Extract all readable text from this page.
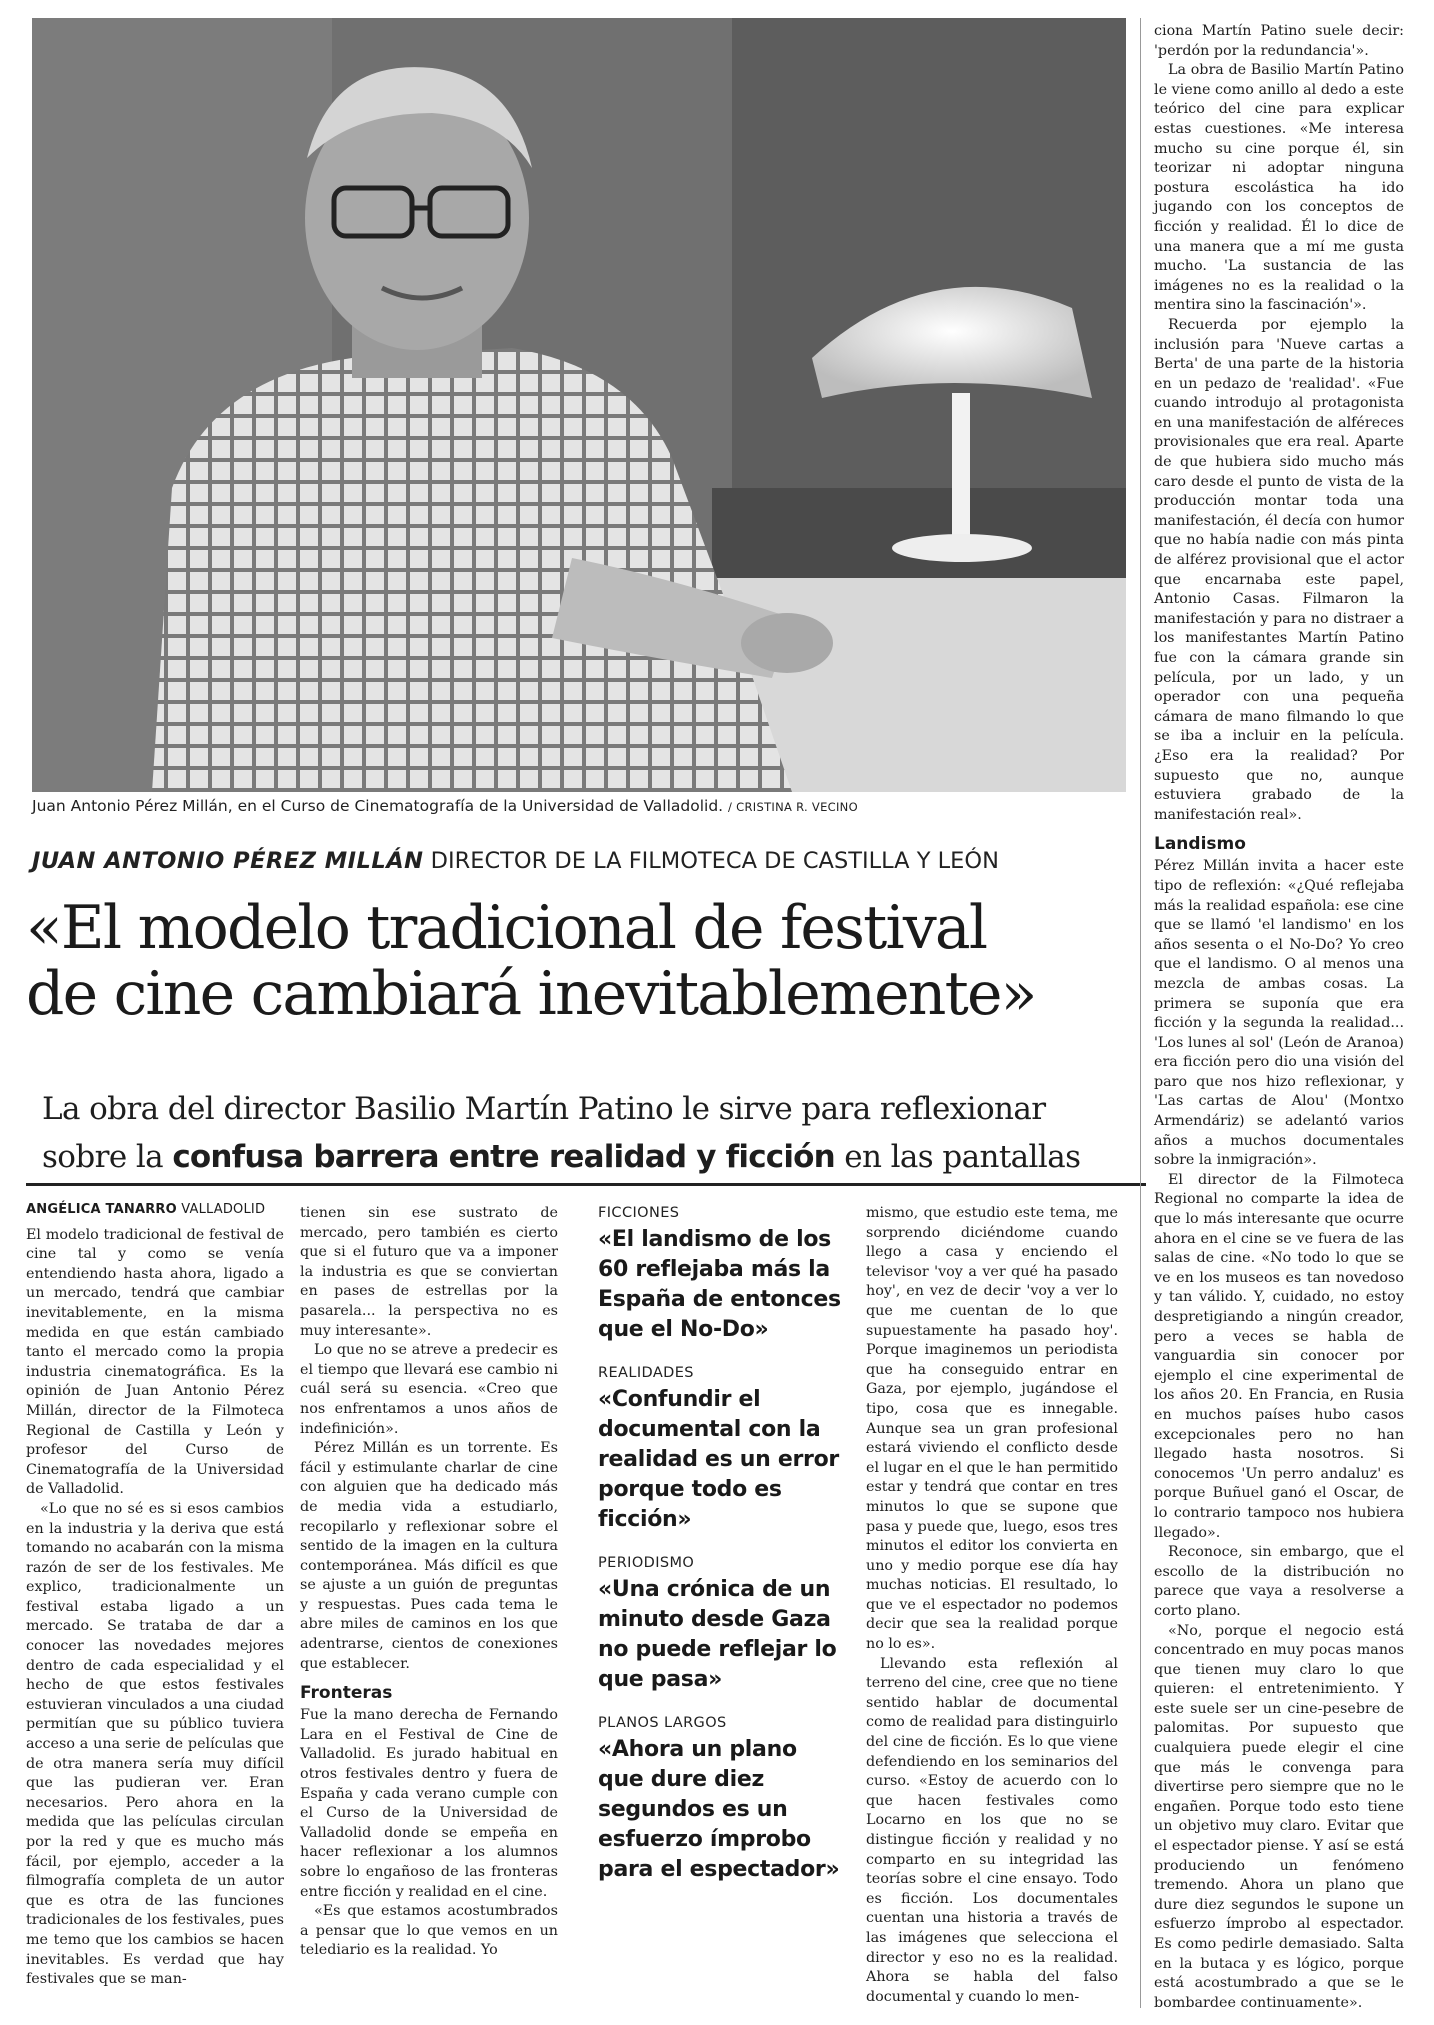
Juan Antonio Pérez Millán, en el Curso de Cinematografía de la Universidad de Valladolid. / CRISTINA R. VECINO
JUAN ANTONIO PÉREZ MILLÁN DIRECTOR DE LA FILMOTECA DE CASTILLA Y LEÓN
«El modelo tradicional de festival
de cine cambiará inevitablemente»
La obra del director Basilio Martín Patino le sirve para reflexionar
sobre la confusa barrera entre realidad y ficción en las pantallas
ANGÉLICA TANARRO VALLADOLID

El modelo tradicional de festival de cine tal y como se venía entendiendo hasta ahora, ligado a un mercado, tendrá que cambiar inevitablemente, en la misma medida en que están cambiado tanto el mercado como la propia industria cinematográfica. Es la opinión de Juan Antonio Pérez Millán, director de la Filmoteca Regional de Castilla y León y profesor del Curso de Cinematografía de la Universidad de Valladolid.

«Lo que no sé es si esos cambios en la industria y la deriva que está tomando no acabarán con la misma razón de ser de los festivales. Me explico, tradicionalmente un festival estaba ligado a un mercado. Se trataba de dar a conocer las novedades mejores dentro de cada especialidad y el hecho de que estos festivales estuvieran vinculados a una ciudad permitían que su público tuviera acceso a una serie de películas que de otra manera sería muy difícil que las pudieran ver. Eran necesarios. Pero ahora en la medida que las películas circulan por la red y que es mucho más fácil, por ejemplo, acceder a la filmografía completa de un autor que es otra de las funciones tradicionales de los festivales, pues me temo que los cambios se hacen inevitables. Es verdad que hay festivales que se man-

tienen sin ese sustrato de mercado, pero también es cierto que si el futuro que va a imponer la industria es que se conviertan en pases de estrellas por la pasarela... la perspectiva no es muy interesante».

Lo que no se atreve a predecir es el tiempo que llevará ese cambio ni cuál será su esencia. «Creo que nos enfrentamos a unos años de indefinición».

Pérez Millán es un torrente. Es fácil y estimulante charlar de cine con alguien que ha dedicado más de media vida a estudiarlo, recopilarlo y reflexionar sobre el sentido de la imagen en la cultura contemporánea. Más difícil es que se ajuste a un guión de preguntas y respuestas. Pues cada tema le abre miles de caminos en los que adentrarse, cientos de conexiones que establecer.

Fronteras

Fue la mano derecha de Fernando Lara en el Festival de Cine de Valladolid. Es jurado habitual en otros festivales dentro y fuera de España y cada verano cumple con el Curso de la Universidad de Valladolid donde se empeña en hacer reflexionar a los alumnos sobre lo engañoso de las fronteras entre ficción y realidad en el cine.

«Es que estamos acostumbrados a pensar que lo que vemos en un telediario es la realidad. Yo

FICCIONES
«El landismo de los 60 reflejaba más la España de entonces que el No-Do»
REALIDADES
«Confundir el documental con la realidad es un error porque todo es ficción»
PERIODISMO
«Una crónica de un minuto desde Gaza no puede reflejar lo que pasa»
PLANOS LARGOS
«Ahora un plano que dure diez segundos es un esfuerzo ímprobo para el espectador»

mismo, que estudio este tema, me sorprendo diciéndome cuando llego a casa y enciendo el televisor 'voy a ver qué ha pasado hoy', en vez de decir 'voy a ver lo que me cuentan de lo que supuestamente ha pasado hoy'. Porque imaginemos un periodista que ha conseguido entrar en Gaza, por ejemplo, jugándose el tipo, cosa que es innegable. Aunque sea un gran profesional estará viviendo el conflicto desde el lugar en el que le han permitido estar y tendrá que contar en tres minutos lo que se supone que pasa y puede que, luego, esos tres minutos el editor los convierta en uno y medio porque ese día hay muchas noticias. El resultado, lo que ve el espectador no podemos decir que sea la realidad porque no lo es».

Llevando esta reflexión al terreno del cine, cree que no tiene sentido hablar de documental como de realidad para distinguirlo del cine de ficción. Es lo que viene defendiendo en los seminarios del curso. «Estoy de acuerdo con lo que hacen festivales como Locarno en los que no se distingue ficción y realidad y no comparto en su integridad las teorías sobre el cine ensayo. Todo es ficción. Los documentales cuentan una historia a través de las imágenes que selecciona el director y eso no es la realidad. Ahora se habla del falso documental y cuando lo men-

ciona Martín Patino suele decir: 'perdón por la redundancia'».

La obra de Basilio Martín Patino le viene como anillo al dedo a este teórico del cine para explicar estas cuestiones. «Me interesa mucho su cine porque él, sin teorizar ni adoptar ninguna postura escolástica ha ido jugando con los conceptos de ficción y realidad. Él lo dice de una manera que a mí me gusta mucho. 'La sustancia de las imágenes no es la realidad o la mentira sino la fascinación'».

Recuerda por ejemplo la inclusión para 'Nueve cartas a Berta' de una parte de la historia en un pedazo de 'realidad'. «Fue cuando introdujo al protagonista en una manifestación de alféreces provisionales que era real. Aparte de que hubiera sido mucho más caro desde el punto de vista de la producción montar toda una manifestación, él decía con humor que no había nadie con más pinta de alférez provisional que el actor que encarnaba este papel, Antonio Casas. Filmaron la manifestación y para no distraer a los manifestantes Martín Patino fue con la cámara grande sin película, por un lado, y un operador con una pequeña cámara de mano filmando lo que se iba a incluir en la película. ¿Eso era la realidad? Por supuesto que no, aunque estuviera grabado de la manifestación real».

Landismo

Pérez Millán invita a hacer este tipo de reflexión: «¿Qué reflejaba más la realidad española: ese cine que se llamó 'el landismo' en los años sesenta o el No-Do? Yo creo que el landismo. O al menos una mezcla de ambas cosas. La primera se suponía que era ficción y la segunda la realidad... 'Los lunes al sol' (León de Aranoa) era ficción pero dio una visión del paro que nos hizo reflexionar, y 'Las cartas de Alou' (Montxo Armendáriz) se adelantó varios años a muchos documentales sobre la inmigración».

El director de la Filmoteca Regional no comparte la idea de que lo más interesante que ocurre ahora en el cine se ve fuera de las salas de cine. «No todo lo que se ve en los museos es tan novedoso y tan válido. Y, cuidado, no estoy despretigiando a ningún creador, pero a veces se habla de vanguardia sin conocer por ejemplo el cine experimental de los años 20. En Francia, en Rusia en muchos países hubo casos excepcionales pero no han llegado hasta nosotros. Si conocemos 'Un perro andaluz' es porque Buñuel ganó el Oscar, de lo contrario tampoco nos hubiera llegado».

Reconoce, sin embargo, que el escollo de la distribución no parece que vaya a resolverse a corto plano.

«No, porque el negocio está concentrado en muy pocas manos que tienen muy claro lo que quieren: el entretenimiento. Y este suele ser un cine-pesebre de palomitas. Por supuesto que cualquiera puede elegir el cine que más le convenga para divertirse pero siempre que no le engañen. Porque todo esto tiene un objetivo muy claro. Evitar que el espectador piense. Y así se está produciendo un fenómeno tremendo. Ahora un plano que dure diez segundos le supone un esfuerzo ímprobo al espectador. Es como pedirle demasiado. Salta en la butaca y es lógico, porque está acostumbrado a que se le bombardee continuamente».
